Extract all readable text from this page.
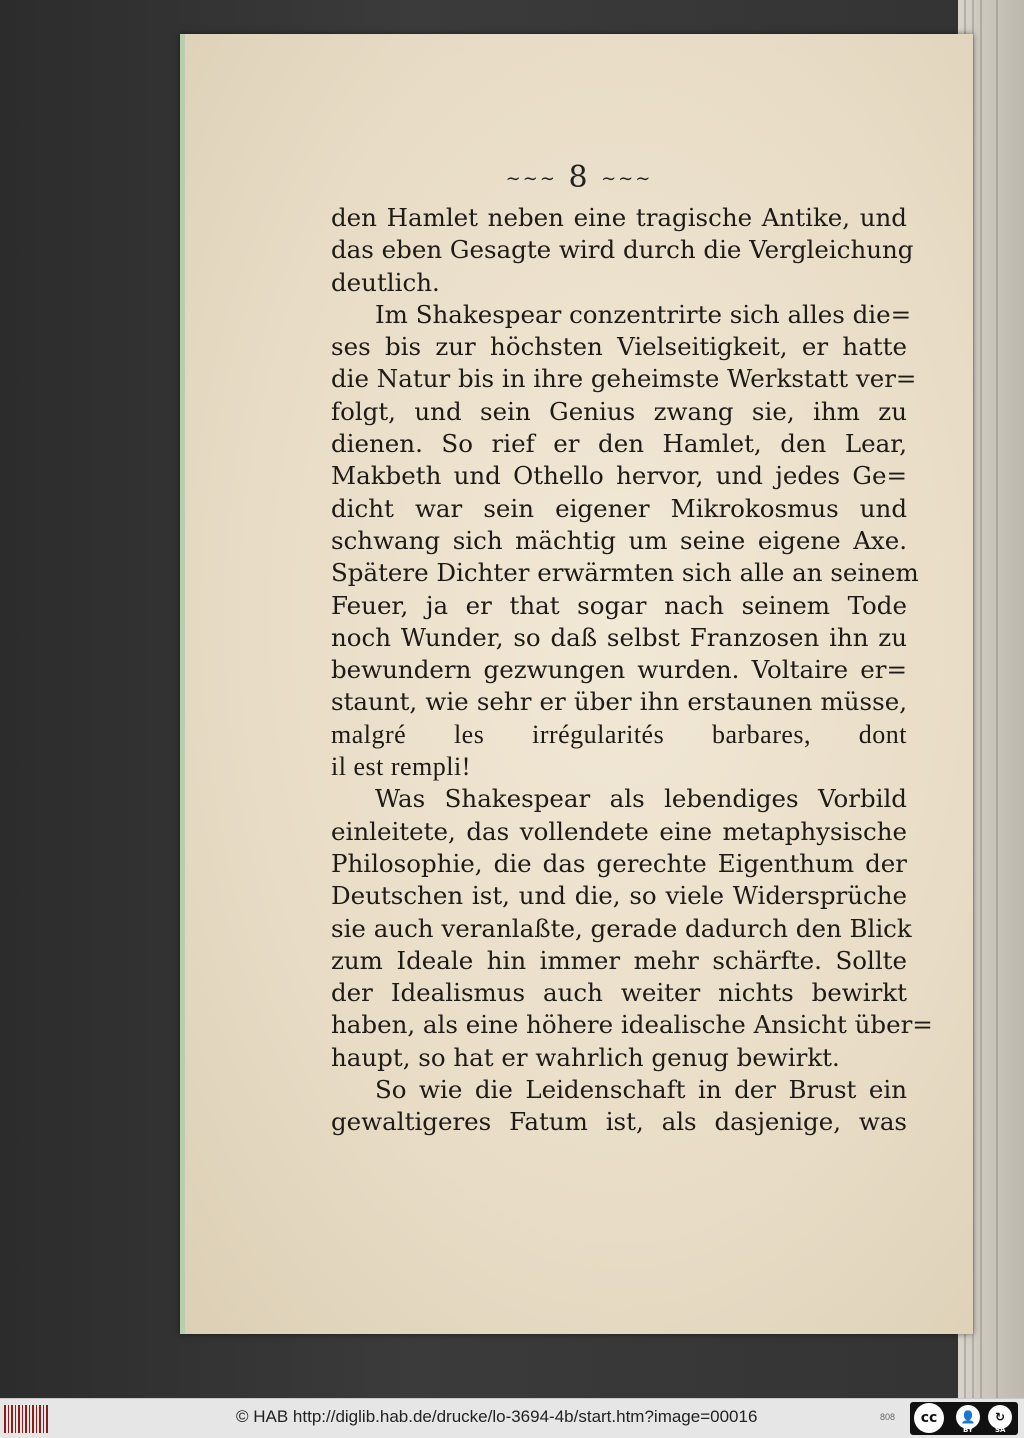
∼∼∼ 8 ∼∼∼
den Hamlet neben eine tragische Antike, und
das eben Gesagte wird durch die Vergleichung
deutlich.
Im Shakespear conzentrirte sich alles die=
ses bis zur höchsten Vielseitigkeit, er hatte
die Natur bis in ihre geheimste Werkstatt ver=
folgt, und sein Genius zwang sie, ihm zu
dienen. So rief er den Hamlet, den Lear,
Makbeth und Othello hervor, und jedes Ge=
dicht war sein eigener Mikrokosmus und
schwang sich mächtig um seine eigene Axe.
Spätere Dichter erwärmten sich alle an seinem
Feuer, ja er that sogar nach seinem Tode
noch Wunder, so daß selbst Franzosen ihn zu
bewundern gezwungen wurden. Voltaire er=
staunt, wie sehr er über ihn erstaunen müsse,
malgré les irrégularités barbares, dont
il est rempli!
Was Shakespear als lebendiges Vorbild
einleitete, das vollendete eine metaphysische
Philosophie, die das gerechte Eigenthum der
Deutschen ist, und die, so viele Widersprüche
sie auch veranlaßte, gerade dadurch den Blick
zum Ideale hin immer mehr schärfte. Sollte
der Idealismus auch weiter nichts bewirkt
haben, als eine höhere idealische Ansicht über=
haupt, so hat er wahrlich genug bewirkt.
So wie die Leidenschaft in der Brust ein
gewaltigeres Fatum ist, als dasjenige, was
© HAB http://diglib.hab.de/drucke/lo-3694-4b/start.htm?image=00016	808	cc	👤	↻
BY	SA
